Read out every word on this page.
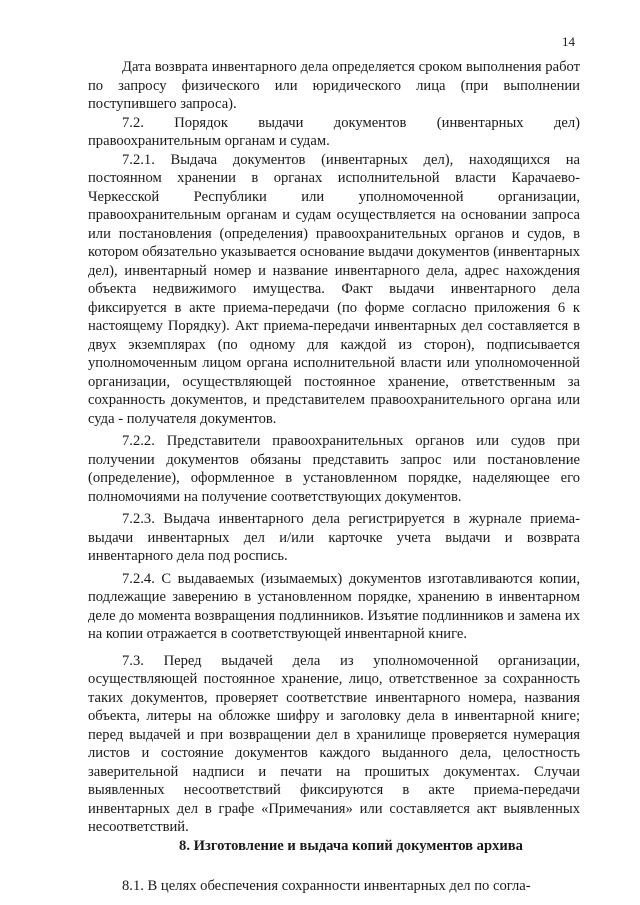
14

Дата возврата инвентарного дела определяется сроком выполнения работ по запросу физического или юридического лица (при выполнении поступившего запроса).

7.2. Порядок выдачи документов (инвентарных дел) правоохранительным органам и судам.

7.2.1. Выдача документов (инвентарных дел), находящихся на постоянном хранении в органах исполнительной власти Карачаево-Черкесской Республики или уполномоченной организации, правоохранительным органам и судам осуществляется на основании запроса или постановления (определения) правоохранительных органов и судов, в котором обязательно указывается основание выдачи документов (инвентарных дел), инвентарный номер и название инвентарного дела, адрес нахождения объекта недвижимого имущества. Факт выдачи инвентарного дела фиксируется в акте приема-передачи (по форме согласно приложения 6 к настоящему Порядку). Акт приема-передачи инвентарных дел составляется в двух экземплярах (по одному для каждой из сторон), подписывается уполномоченным лицом органа исполнительной власти или уполномоченной организации, осуществляющей постоянное хранение, ответственным за сохранность документов, и представителем правоохранительного органа или суда - получателя документов.

7.2.2. Представители правоохранительных органов или судов при получении документов обязаны представить запрос или постановление (определение), оформленное в установленном порядке, наделяющее его полномочиями на получение соответствующих документов.

7.2.3. Выдача инвентарного дела регистрируется в журнале приема-выдачи инвентарных дел и/или карточке учета выдачи и возврата инвентарного дела под роспись.

7.2.4. С выдаваемых (изымаемых) документов изготавливаются копии, подлежащие заверению в установленном порядке, хранению в инвентарном деле до момента возвращения подлинников. Изъятие подлинников и замена их на копии отражается в соответствующей инвентарной книге.

7.3. Перед выдачей дела из уполномоченной организации, осуществляющей постоянное хранение, лицо, ответственное за сохранность таких документов, проверяет соответствие инвентарного номера, названия объекта, литеры на обложке шифру и заголовку дела в инвентарной книге; перед выдачей и при возвращении дел в хранилище проверяется нумерация листов и состояние документов каждого выданного дела, целостность заверительной надписи и печати на прошитых документах. Случаи выявленных несоответствий фиксируются в акте приема-передачи инвентарных дел в графе «Примечания» или составляется акт выявленных несоответствий.

8. Изготовление и выдача копий документов архива

8.1. В целях обеспечения сохранности инвентарных дел по согла-
